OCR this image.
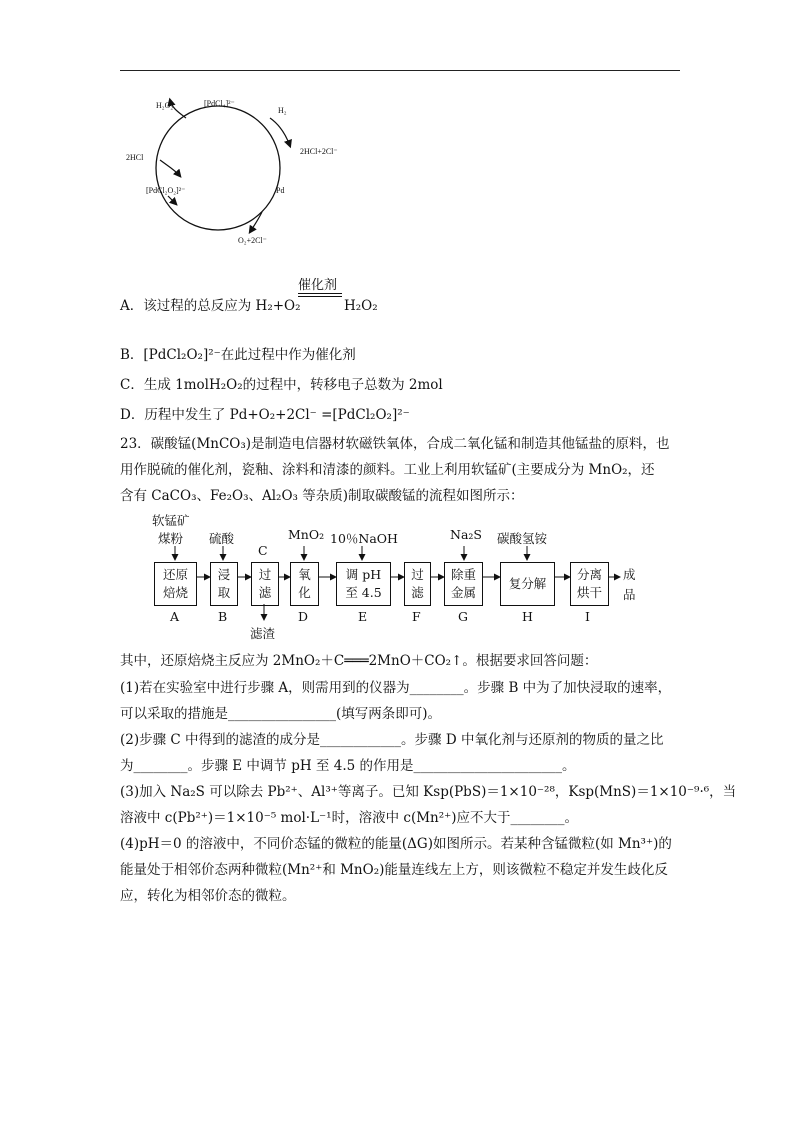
H₂O₂	[PdCl₄]²⁻
H₂
2HCl+2Cl⁻
2HCl
Pd
[PdCl₂O₂]²⁻
O₂+2Cl⁻
催化剂
A．该过程的总反应为 H₂+O₂	H₂O₂
B．[PdCl₂O₂]²⁻在此过程中作为催化剂
C．生成 1molH₂O₂的过程中，转移电子总数为 2mol
D．历程中发生了 Pd+O₂+2Cl⁻ =[PdCl₂O₂]²⁻
23．碳酸锰(MnCO₃)是制造电信器材软磁铁氧体，合成二氧化锰和制造其他锰盐的原料，也
用作脱硫的催化剂，瓷釉、涂料和清漆的颜料。工业上利用软锰矿(主要成分为 MnO₂，还
含有 CaCO₃、Fe₂O₃、Al₂O₃ 等杂质)制取碳酸锰的流程如图所示：
软锰矿
煤粉 硫酸
C
MnO₂ 10％NaOH	Na₂S 碳酸氢铵
还原
焙烧
浸
取
过
滤
氧
化
调 pH
至 4.5
过
滤
除重
金属
复分解
分离
烘干
成
品
滤渣
A	B	D	E	F	G	H	I
其中，还原焙烧主反应为 2MnO₂＋C═══2MnO＋CO₂↑。根据要求回答问题：
(1)若在实验室中进行步骤 A，则需用到的仪器为________。步骤 B 中为了加快浸取的速率，
可以采取的措施是________________(填写两条即可)。
(2)步骤 C 中得到的滤渣的成分是____________。步骤 D 中氧化剂与还原剂的物质的量之比
为________。步骤 E 中调节 pH 至 4.5 的作用是______________________。
(3)加入 Na₂S 可以除去 Pb²⁺、Al³⁺等离子。已知 Ksp(PbS)＝1×10⁻²⁸，Ksp(MnS)＝1×10⁻⁹·⁶，当
溶液中 c(Pb²⁺)＝1×10⁻⁵ mol·L⁻¹时，溶液中 c(Mn²⁺)应不大于________。
(4)pH＝0 的溶液中，不同价态锰的微粒的能量(ΔG)如图所示。若某种含锰微粒(如 Mn³⁺)的
能量处于相邻价态两种微粒(Mn²⁺和 MnO₂)能量连线左上方，则该微粒不稳定并发生歧化反
应，转化为相邻价态的微粒。
